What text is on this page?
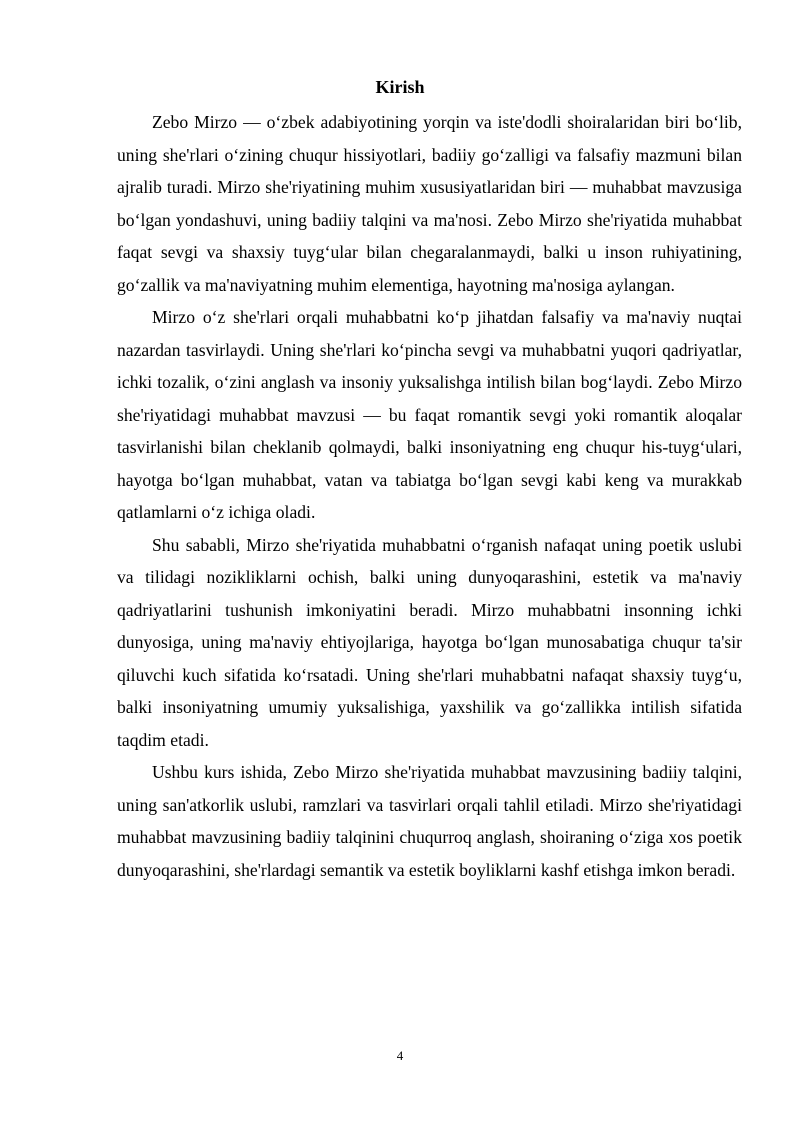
Kirish

Zebo Mirzo — o‘zbek adabiyotining yorqin va iste'dodli shoiralaridan biri bo‘lib, uning she'rlari o‘zining chuqur hissiyotlari, badiiy go‘zalligi va falsafiy mazmuni bilan ajralib turadi. Mirzo she'riyatining muhim xususiyatlaridan biri — muhabbat mavzusiga bo‘lgan yondashuvi, uning badiiy talqini va ma'nosi. Zebo Mirzo she'riyatida muhabbat faqat sevgi va shaxsiy tuyg‘ular bilan chegaralanmaydi, balki u inson ruhiyatining, go‘zallik va ma'naviyatning muhim elementiga, hayotning ma'nosiga aylangan.

Mirzo o‘z she'rlari orqali muhabbatni ko‘p jihatdan falsafiy va ma'naviy nuqtai nazardan tasvirlaydi. Uning she'rlari ko‘pincha sevgi va muhabbatni yuqori qadriyatlar, ichki tozalik, o‘zini anglash va insoniy yuksalishga intilish bilan bog‘laydi. Zebo Mirzo she'riyatidagi muhabbat mavzusi — bu faqat romantik sevgi yoki romantik aloqalar tasvirlanishi bilan cheklanib qolmaydi, balki insoniyatning eng chuqur his-tuyg‘ulari, hayotga bo‘lgan muhabbat, vatan va tabiatga bo‘lgan sevgi kabi keng va murakkab qatlamlarni o‘z ichiga oladi.

Shu sababli, Mirzo she'riyatida muhabbatni o‘rganish nafaqat uning poetik uslubi va tilidagi nozikliklarni ochish, balki uning dunyoqarashini, estetik va ma'naviy qadriyatlarini tushunish imkoniyatini beradi. Mirzo muhabbatni insonning ichki dunyosiga, uning ma'naviy ehtiyojlariga, hayotga bo‘lgan munosabatiga chuqur ta'sir qiluvchi kuch sifatida ko‘rsatadi. Uning she'rlari muhabbatni nafaqat shaxsiy tuyg‘u, balki insoniyatning umumiy yuksalishiga, yaxshilik va go‘zallikka intilish sifatida taqdim etadi.

Ushbu kurs ishida, Zebo Mirzo she'riyatida muhabbat mavzusining badiiy talqini, uning san'atkorlik uslubi, ramzlari va tasvirlari orqali tahlil etiladi. Mirzo she'riyatidagi muhabbat mavzusining badiiy talqinini chuqurroq anglash, shoiraning o‘ziga xos poetik dunyoqarashini, she'rlardagi semantik va estetik boyliklarni kashf etishga imkon beradi.

4
